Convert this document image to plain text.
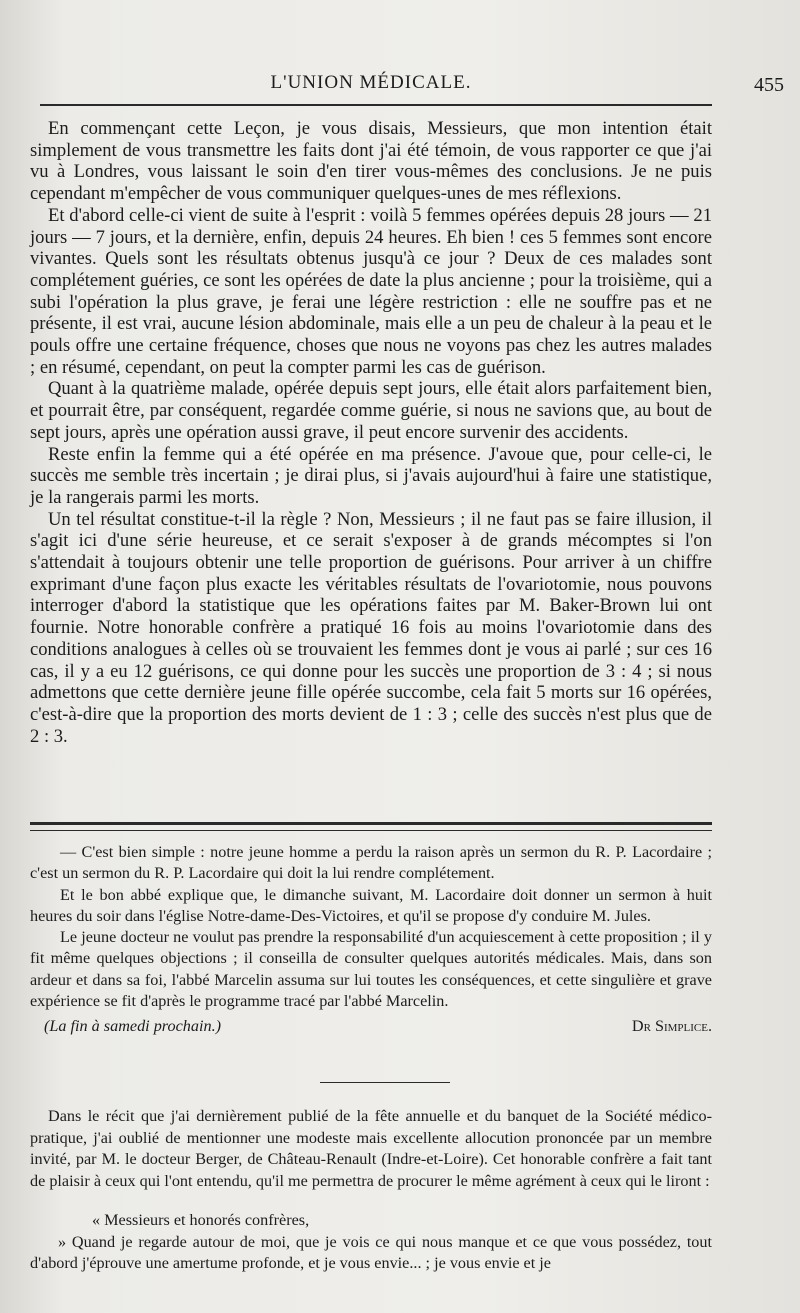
L'UNION MÉDICALE.	455

En commençant cette Leçon, je vous disais, Messieurs, que mon intention était simplement de vous transmettre les faits dont j'ai été témoin, de vous rapporter ce que j'ai vu à Londres, vous laissant le soin d'en tirer vous-mêmes des conclusions. Je ne puis cependant m'empêcher de vous communiquer quelques-unes de mes réflexions.

Et d'abord celle-ci vient de suite à l'esprit : voilà 5 femmes opérées depuis 28 jours — 21 jours — 7 jours, et la dernière, enfin, depuis 24 heures. Eh bien ! ces 5 femmes sont encore vivantes. Quels sont les résultats obtenus jusqu'à ce jour ? Deux de ces malades sont complétement guéries, ce sont les opérées de date la plus ancienne ; pour la troisième, qui a subi l'opération la plus grave, je ferai une légère restriction : elle ne souffre pas et ne présente, il est vrai, aucune lésion abdominale, mais elle a un peu de chaleur à la peau et le pouls offre une certaine fréquence, choses que nous ne voyons pas chez les autres malades ; en résumé, cependant, on peut la compter parmi les cas de guérison.

Quant à la quatrième malade, opérée depuis sept jours, elle était alors parfaitement bien, et pourrait être, par conséquent, regardée comme guérie, si nous ne savions que, au bout de sept jours, après une opération aussi grave, il peut encore survenir des accidents.

Reste enfin la femme qui a été opérée en ma présence. J'avoue que, pour celle-ci, le succès me semble très incertain ; je dirai plus, si j'avais aujourd'hui à faire une statistique, je la rangerais parmi les morts.

Un tel résultat constitue-t-il la règle ? Non, Messieurs ; il ne faut pas se faire illusion, il s'agit ici d'une série heureuse, et ce serait s'exposer à de grands mécomptes si l'on s'attendait à toujours obtenir une telle proportion de guérisons. Pour arriver à un chiffre exprimant d'une façon plus exacte les véritables résultats de l'ovariotomie, nous pouvons interroger d'abord la statistique que les opérations faites par M. Baker-Brown lui ont fournie. Notre honorable confrère a pratiqué 16 fois au moins l'ovariotomie dans des conditions analogues à celles où se trouvaient les femmes dont je vous ai parlé ; sur ces 16 cas, il y a eu 12 guérisons, ce qui donne pour les succès une proportion de 3 : 4 ; si nous admettons que cette dernière jeune fille opérée succombe, cela fait 5 morts sur 16 opérées, c'est-à-dire que la proportion des morts devient de 1 : 3 ; celle des succès n'est plus que de 2 : 3.

— C'est bien simple : notre jeune homme a perdu la raison après un sermon du R. P. Lacordaire ; c'est un sermon du R. P. Lacordaire qui doit la lui rendre complétement.

Et le bon abbé explique que, le dimanche suivant, M. Lacordaire doit donner un sermon à huit heures du soir dans l'église Notre-dame-Des-Victoires, et qu'il se propose d'y conduire M. Jules.

Le jeune docteur ne voulut pas prendre la responsabilité d'un acquiescement à cette proposition ; il y fit même quelques objections ; il conseilla de consulter quelques autorités médicales. Mais, dans son ardeur et dans sa foi, l'abbé Marcelin assuma sur lui toutes les conséquences, et cette singulière et grave expérience se fit d'après le programme tracé par l'abbé Marcelin.

(La fin à samedi prochain.)	Dr Simplice.

Dans le récit que j'ai dernièrement publié de la fête annuelle et du banquet de la Société médico-pratique, j'ai oublié de mentionner une modeste mais excellente allocution prononcée par un membre invité, par M. le docteur Berger, de Château-Renault (Indre-et-Loire). Cet honorable confrère a fait tant de plaisir à ceux qui l'ont entendu, qu'il me permettra de procurer le même agrément à ceux qui le liront :

« Messieurs et honorés confrères,

» Quand je regarde autour de moi, que je vois ce qui nous manque et ce que vous possédez, tout d'abord j'éprouve une amertume profonde, et je vous envie... ; je vous envie et je
